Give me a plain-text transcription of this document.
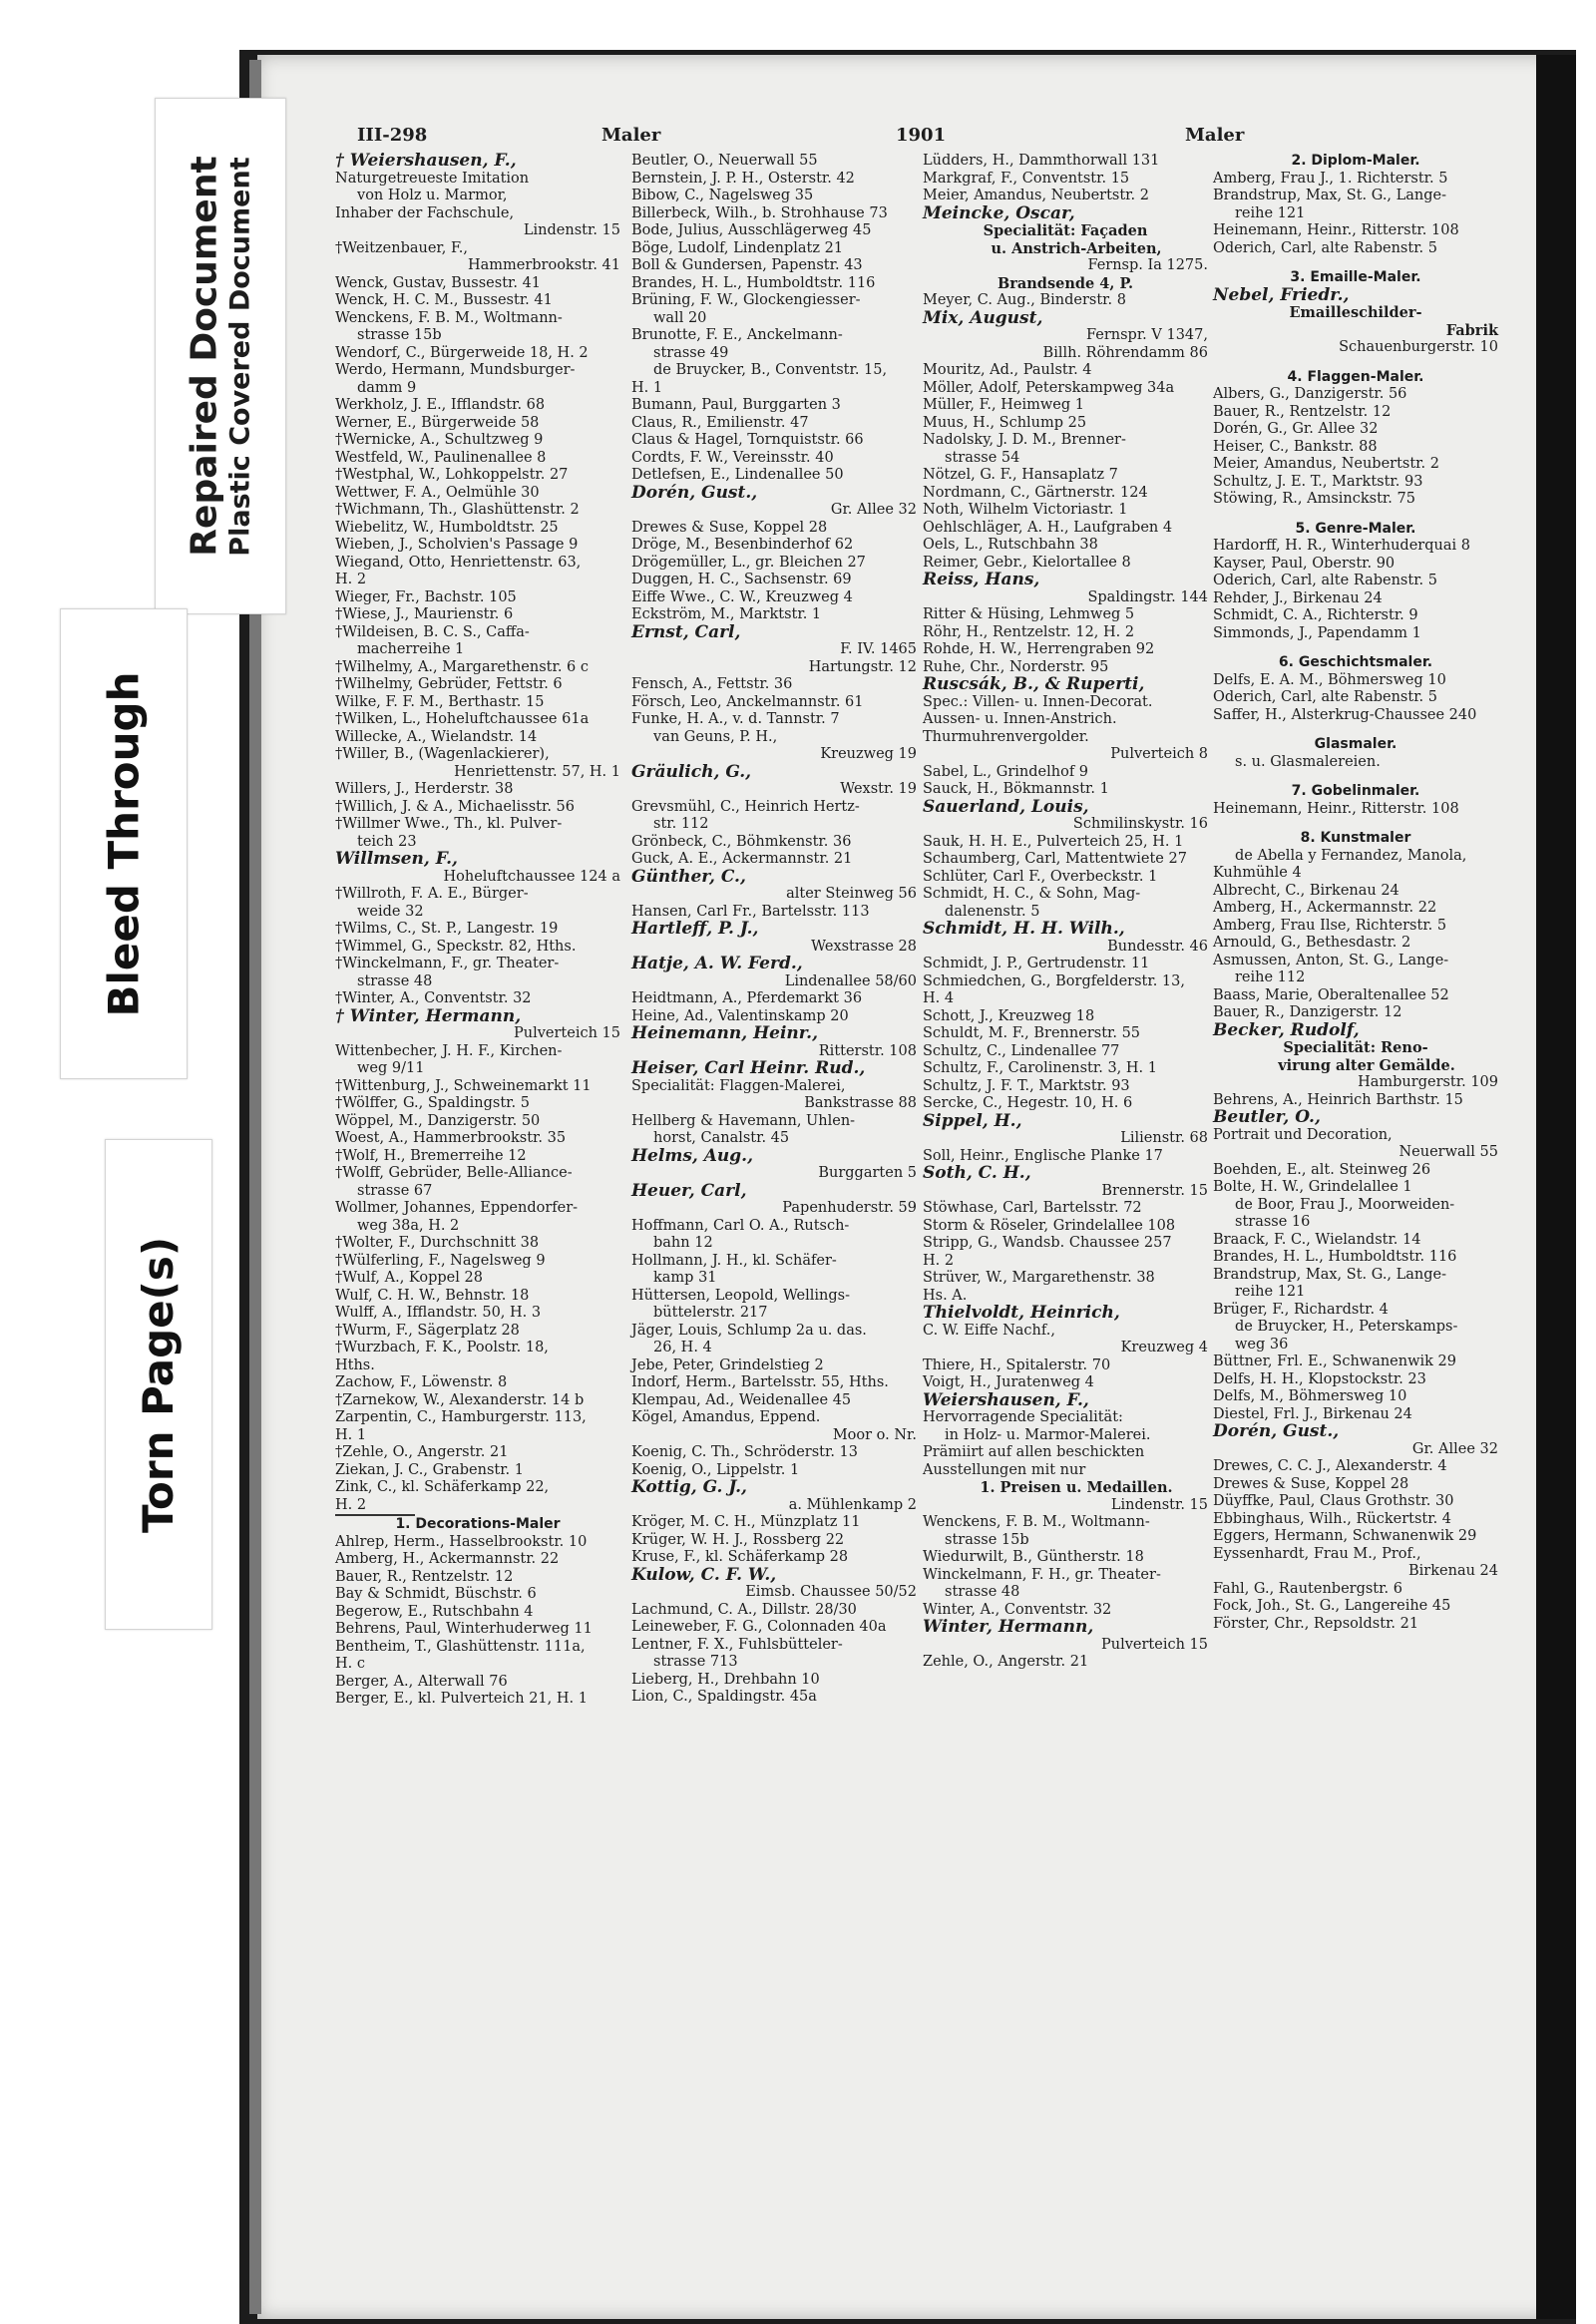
III-298	Maler	1901	Maler
† Weiershausen, F.,
Naturgetreueste Imitation
von Holz u. Marmor,
Inhaber der Fachschule,
Lindenstr. 15
†Weitzenbauer, F.,
Hammerbrookstr. 41
Wenck, Gustav, Bussestr. 41
Wenck, H. C. M., Bussestr. 41
Wenckens, F. B. M., Woltmann-
strasse 15b
Wendorf, C., Bürgerweide 18, H. 2
Werdo, Hermann, Mundsburger-
damm 9
Werkholz, J. E., Ifflandstr. 68
Werner, E., Bürgerweide 58
†Wernicke, A., Schultzweg 9
Westfeld, W., Paulinenallee 8
†Westphal, W., Lohkoppelstr. 27
Wettwer, F. A., Oelmühle 30
†Wichmann, Th., Glashüttenstr. 2
Wiebelitz, W., Humboldtstr. 25
Wieben, J., Scholvien's Passage 9
Wiegand, Otto, Henriettenstr. 63,
H. 2
Wieger, Fr., Bachstr. 105
†Wiese, J., Maurienstr. 6
†Wildeisen, B. C. S., Caffa-
macherreihe 1
†Wilhelmy, A., Margarethenstr. 6 c
†Wilhelmy, Gebrüder, Fettstr. 6
Wilke, F. F. M., Berthastr. 15
†Wilken, L., Hoheluftchaussee 61a
Willecke, A., Wielandstr. 14
†Willer, B., (Wagenlackierer),
Henriettenstr. 57, H. 1
Willers, J., Herderstr. 38
†Willich, J. & A., Michaelisstr. 56
†Willmer Wwe., Th., kl. Pulver-
teich 23
Willmsen, F.,
Hoheluftchaussee 124 a
†Willroth, F. A. E., Bürger-
weide 32
†Wilms, C., St. P., Langestr. 19
†Wimmel, G., Speckstr. 82, Hths.
†Winckelmann, F., gr. Theater-
strasse 48
†Winter, A., Conventstr. 32
† Winter, Hermann,
Pulverteich 15
Wittenbecher, J. H. F., Kirchen-
weg 9/11
†Wittenburg, J., Schweinemarkt 11
†Wölffer, G., Spaldingstr. 5
Wöppel, M., Danzigerstr. 50
Woest, A., Hammerbrookstr. 35
†Wolf, H., Bremerreihe 12
†Wolff, Gebrüder, Belle-Alliance-
strasse 67
Wollmer, Johannes, Eppendorfer-
weg 38a, H. 2
†Wolter, F., Durchschnitt 38
†Wülferling, F., Nagelsweg 9
†Wulf, A., Koppel 28
Wulf, C. H. W., Behnstr. 18
Wulff, A., Ifflandstr. 50, H. 3
†Wurm, F., Sägerplatz 28
†Wurzbach, F. K., Poolstr. 18,
Hths.
Zachow, F., Löwenstr. 8
†Zarnekow, W., Alexanderstr. 14 b
Zarpentin, C., Hamburgerstr. 113,
H. 1
†Zehle, O., Angerstr. 21
Ziekan, J. C., Grabenstr. 1
Zink, C., kl. Schäferkamp 22,
H. 2
1. Decorations-Maler
Ahlrep, Herm., Hasselbrookstr. 10
Amberg, H., Ackermannstr. 22
Bauer, R., Rentzelstr. 12
Bay & Schmidt, Büschstr. 6
Begerow, E., Rutschbahn 4
Behrens, Paul, Winterhuderweg 11
Bentheim, T., Glashüttenstr. 111a,
H. c
Berger, A., Alterwall 76
Berger, E., kl. Pulverteich 21, H. 1
Beutler, O., Neuerwall 55
Bernstein, J. P. H., Osterstr. 42
Bibow, C., Nagelsweg 35
Billerbeck, Wilh., b. Strohhause 73
Bode, Julius, Ausschlägerweg 45
Böge, Ludolf, Lindenplatz 21
Boll & Gundersen, Papenstr. 43
Brandes, H. L., Humboldtstr. 116
Brüning, F. W., Glockengiesser-
wall 20
Brunotte, F. E., Anckelmann-
strasse 49
de Bruycker, B., Conventstr. 15,
H. 1
Bumann, Paul, Burggarten 3
Claus, R., Emilienstr. 47
Claus & Hagel, Tornquiststr. 66
Cordts, F. W., Vereinsstr. 40
Detlefsen, E., Lindenallee 50
Dorén, Gust.,
Gr. Allee 32
Drewes & Suse, Koppel 28
Dröge, M., Besenbinderhof 62
Drögemüller, L., gr. Bleichen 27
Duggen, H. C., Sachsenstr. 69
Eiffe Wwe., C. W., Kreuzweg 4
Eckström, M., Marktstr. 1
Ernst, Carl,
F. IV. 1465
Hartungstr. 12
Fensch, A., Fettstr. 36
Försch, Leo, Anckelmannstr. 61
Funke, H. A., v. d. Tannstr. 7
van Geuns, P. H.,
Kreuzweg 19
Gräulich, G.,
Wexstr. 19
Grevsmühl, C., Heinrich Hertz-
str. 112
Grönbeck, C., Böhmkenstr. 36
Guck, A. E., Ackermannstr. 21
Günther, C.,
alter Steinweg 56
Hansen, Carl Fr., Bartelsstr. 113
Hartleff, P. J.,
Wexstrasse 28
Hatje, A. W. Ferd.,
Lindenallee 58/60
Heidtmann, A., Pferdemarkt 36
Heine, Ad., Valentinskamp 20
Heinemann, Heinr.,
Ritterstr. 108
Heiser, Carl Heinr. Rud.,
Specialität: Flaggen-Malerei,
Bankstrasse 88
Hellberg & Havemann, Uhlen-
horst, Canalstr. 45
Helms, Aug.,
Burggarten 5
Heuer, Carl,
Papenhuderstr. 59
Hoffmann, Carl O. A., Rutsch-
bahn 12
Hollmann, J. H., kl. Schäfer-
kamp 31
Hüttersen, Leopold, Wellings-
büttelerstr. 217
Jäger, Louis, Schlump 2a u. das.
26, H. 4
Jebe, Peter, Grindelstieg 2
Indorf, Herm., Bartelsstr. 55, Hths.
Klempau, Ad., Weidenallee 45
Kögel, Amandus, Eppend.
Moor o. Nr.
Koenig, C. Th., Schröderstr. 13
Koenig, O., Lippelstr. 1
Kottig, G. J.,
a. Mühlenkamp 2
Kröger, M. C. H., Münzplatz 11
Krüger, W. H. J., Rossberg 22
Kruse, F., kl. Schäferkamp 28
Kulow, C. F. W.,
Eimsb. Chaussee 50/52
Lachmund, C. A., Dillstr. 28/30
Leineweber, F. G., Colonnaden 40a
Lentner, F. X., Fuhlsbütteler-
strasse 713
Lieberg, H., Drehbahn 10
Lion, C., Spaldingstr. 45a
Lüdders, H., Dammthorwall 131
Markgraf, F., Conventstr. 15
Meier, Amandus, Neubertstr. 2
Meincke, Oscar,
Specialität: Façaden
u. Anstrich-Arbeiten,
Fernsp. Ia 1275.
Brandsende 4, P.
Meyer, C. Aug., Binderstr. 8
Mix, August,
Fernspr. V 1347,
Billh. Röhrendamm 86
Mouritz, Ad., Paulstr. 4
Möller, Adolf, Peterskampweg 34a
Müller, F., Heimweg 1
Muus, H., Schlump 25
Nadolsky, J. D. M., Brenner-
strasse 54
Nötzel, G. F., Hansaplatz 7
Nordmann, C., Gärtnerstr. 124
Noth, Wilhelm Victoriastr. 1
Oehlschläger, A. H., Laufgraben 4
Oels, L., Rutschbahn 38
Reimer, Gebr., Kielortallee 8
Reiss, Hans,
Spaldingstr. 144
Ritter & Hüsing, Lehmweg 5
Röhr, H., Rentzelstr. 12, H. 2
Rohde, H. W., Herrengraben 92
Ruhe, Chr., Norderstr. 95
Ruscsák, B., & Ruperti,
Spec.: Villen- u. Innen-Decorat.
Aussen- u. Innen-Anstrich.
Thurmuhrenvergolder.
Pulverteich 8
Sabel, L., Grindelhof 9
Sauck, H., Bökmannstr. 1
Sauerland, Louis,
Schmilinskystr. 16
Sauk, H. H. E., Pulverteich 25, H. 1
Schaumberg, Carl, Mattentwiete 27
Schlüter, Carl F., Overbeckstr. 1
Schmidt, H. C., & Sohn, Mag-
dalenenstr. 5
Schmidt, H. H. Wilh.,
Bundesstr. 46
Schmidt, J. P., Gertrudenstr. 11
Schmiedchen, G., Borgfelderstr. 13,
H. 4
Schott, J., Kreuzweg 18
Schuldt, M. F., Brennerstr. 55
Schultz, C., Lindenallee 77
Schultz, F., Carolinenstr. 3, H. 1
Schultz, J. F. T., Marktstr. 93
Sercke, C., Hegestr. 10, H. 6
Sippel, H.,
Lilienstr. 68
Soll, Heinr., Englische Planke 17
Soth, C. H.,
Brennerstr. 15
Stöwhase, Carl, Bartelsstr. 72
Storm & Röseler, Grindelallee 108
Stripp, G., Wandsb. Chaussee 257
H. 2
Strüver, W., Margarethenstr. 38
Hs. A.
Thielvoldt, Heinrich,
C. W. Eiffe Nachf.,
Kreuzweg 4
Thiere, H., Spitalerstr. 70
Voigt, H., Juratenweg 4
Weiershausen, F.,
Hervorragende Specialität:
in Holz- u. Marmor-Malerei.
Prämiirt auf allen beschickten
Ausstellungen mit nur
1. Preisen u. Medaillen.
Lindenstr. 15
Wenckens, F. B. M., Woltmann-
strasse 15b
Wiedurwilt, B., Güntherstr. 18
Winckelmann, F. H., gr. Theater-
strasse 48
Winter, A., Conventstr. 32
Winter, Hermann,
Pulverteich 15
Zehle, O., Angerstr. 21
2. Diplom-Maler.
Amberg, Frau J., 1. Richterstr. 5
Brandstrup, Max, St. G., Lange-
reihe 121
Heinemann, Heinr., Ritterstr. 108
Oderich, Carl, alte Rabenstr. 5
3. Emaille-Maler.
Nebel, Friedr.,
Emailleschilder-
Fabrik
Schauenburgerstr. 10
4. Flaggen-Maler.
Albers, G., Danzigerstr. 56
Bauer, R., Rentzelstr. 12
Dorén, G., Gr. Allee 32
Heiser, C., Bankstr. 88
Meier, Amandus, Neubertstr. 2
Schultz, J. E. T., Marktstr. 93
Stöwing, R., Amsinckstr. 75
5. Genre-Maler.
Hardorff, H. R., Winterhuderquai 8
Kayser, Paul, Oberstr. 90
Oderich, Carl, alte Rabenstr. 5
Rehder, J., Birkenau 24
Schmidt, C. A., Richterstr. 9
Simmonds, J., Papendamm 1
6. Geschichtsmaler.
Delfs, E. A. M., Böhmersweg 10
Oderich, Carl, alte Rabenstr. 5
Saffer, H., Alsterkrug-Chaussee 240
Glasmaler.
s. u. Glasmalereien.
7. Gobelinmaler.
Heinemann, Heinr., Ritterstr. 108
8. Kunstmaler
de Abella y Fernandez, Manola,
Kuhmühle 4
Albrecht, C., Birkenau 24
Amberg, H., Ackermannstr. 22
Amberg, Frau Ilse, Richterstr. 5
Arnould, G., Bethesdastr. 2
Asmussen, Anton, St. G., Lange-
reihe 112
Baass, Marie, Oberaltenallee 52
Bauer, R., Danzigerstr. 12
Becker, Rudolf,
Specialität: Reno-
virung alter Gemälde.
Hamburgerstr. 109
Behrens, A., Heinrich Barthstr. 15
Beutler, O.,
Portrait und Decoration,
Neuerwall 55
Boehden, E., alt. Steinweg 26
Bolte, H. W., Grindelallee 1
de Boor, Frau J., Moorweiden-
strasse 16
Braack, F. C., Wielandstr. 14
Brandes, H. L., Humboldtstr. 116
Brandstrup, Max, St. G., Lange-
reihe 121
Brüger, F., Richardstr. 4
de Bruycker, H., Peterskamps-
weg 36
Büttner, Frl. E., Schwanenwik 29
Delfs, H. H., Klopstockstr. 23
Delfs, M., Böhmersweg 10
Diestel, Frl. J., Birkenau 24
Dorén, Gust.,
Gr. Allee 32
Drewes, C. C. J., Alexanderstr. 4
Drewes & Suse, Koppel 28
Düyffke, Paul, Claus Grothstr. 30
Ebbinghaus, Wilh., Rückertstr. 4
Eggers, Hermann, Schwanenwik 29
Eyssenhardt, Frau M., Prof.,
Birkenau 24
Fahl, G., Rautenbergstr. 6
Fock, Joh., St. G., Langereihe 45
Förster, Chr., Repsoldstr. 21
Repaired Document Plastic Covered Document
Bleed Through
Torn Page(s)
